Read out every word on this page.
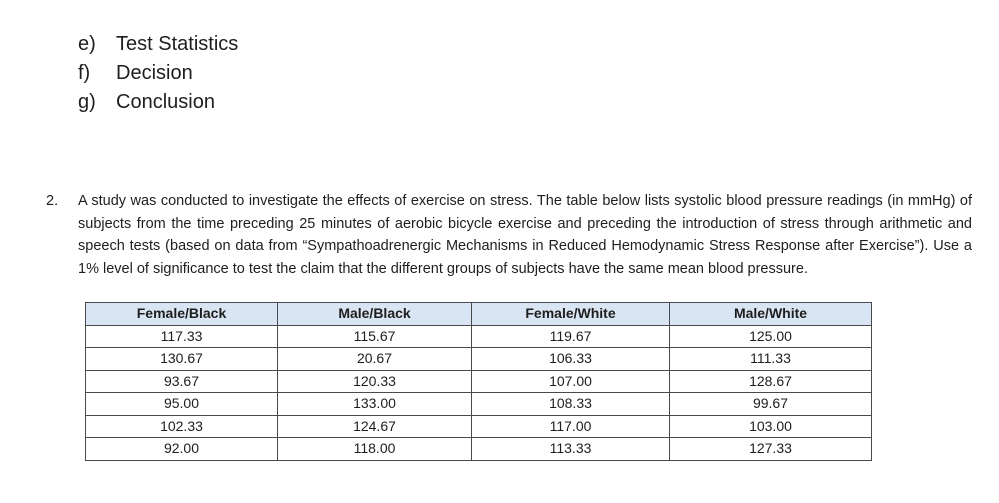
e) Test Statistics
f) Decision
g) Conclusion
2. A study was conducted to investigate the effects of exercise on stress. The table below lists systolic blood pressure readings (in mmHg) of subjects from the time preceding 25 minutes of aerobic bicycle exercise and preceding the introduction of stress through arithmetic and speech tests (based on data from “Sympathoadrenergic Mechanisms in Reduced Hemodynamic Stress Response after Exercise”). Use a 1% level of significance to test the claim that the different groups of subjects have the same mean blood pressure.

Female/Black	Male/Black	Female/White	Male/White
117.33	115.67	119.67	125.00
130.67	20.67	106.33	111.33
93.67	120.33	107.00	128.67
95.00	133.00	108.33	99.67
102.33	124.67	117.00	103.00
92.00	118.00	113.33	127.33
